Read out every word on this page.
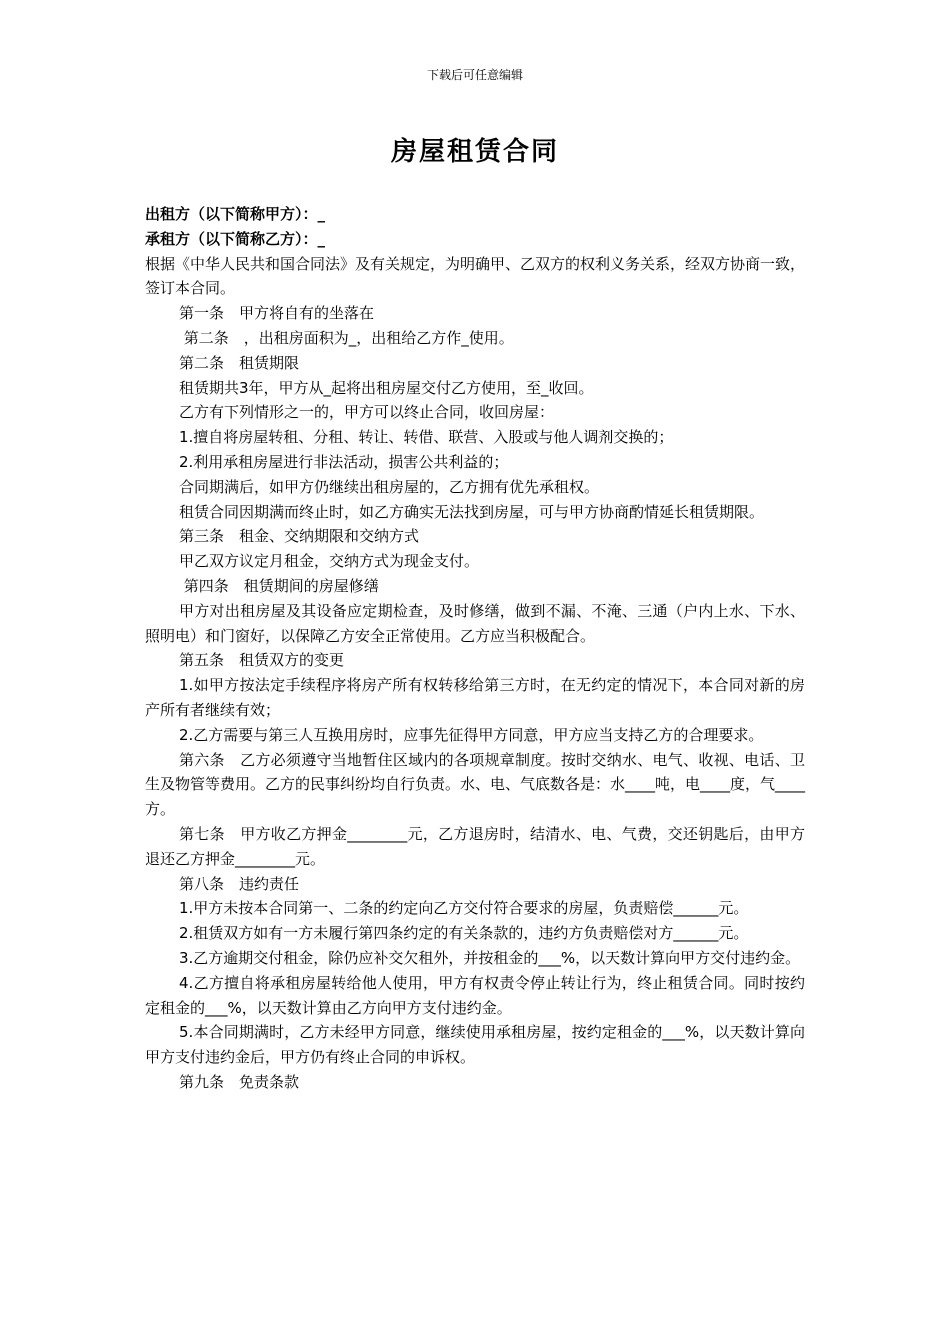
下载后可任意编辑
房屋租赁合同

出租方（以下简称甲方）：_

承租方（以下简称乙方）：_

根据《中华人民共和国合同法》及有关规定，为明确甲、乙双方的权利义务关系，经双方协商一致，签订本合同。

第一条　甲方将自有的坐落在

第二条　，出租房面积为_，出租给乙方作_使用。

第二条　租赁期限

租赁期共3年，甲方从_起将出租房屋交付乙方使用，至_收回。

乙方有下列情形之一的，甲方可以终止合同，收回房屋：

1.擅自将房屋转租、分租、转让、转借、联营、入股或与他人调剂交换的；

2.利用承租房屋进行非法活动，损害公共利益的；

合同期满后，如甲方仍继续出租房屋的，乙方拥有优先承租权。

租赁合同因期满而终止时，如乙方确实无法找到房屋，可与甲方协商酌情延长租赁期限。

第三条　租金、交纳期限和交纳方式

甲乙双方议定月租金，交纳方式为现金支付。

第四条　租赁期间的房屋修缮

甲方对出租房屋及其设备应定期检查，及时修缮，做到不漏、不淹、三通（户内上水、下水、照明电）和门窗好，以保障乙方安全正常使用。乙方应当积极配合。

第五条　租赁双方的变更

1.如甲方按法定手续程序将房产所有权转移给第三方时，在无约定的情况下，本合同对新的房产所有者继续有效；

2.乙方需要与第三人互换用房时，应事先征得甲方同意，甲方应当支持乙方的合理要求。

第六条　乙方必须遵守当地暂住区域内的各项规章制度。按时交纳水、电气、收视、电话、卫生及物管等费用。乙方的民事纠纷均自行负责。水、电、气底数各是：水____吨，电____度，气____方。

第七条　甲方收乙方押金________元，乙方退房时，结清水、电、气费，交还钥匙后，由甲方退还乙方押金________元。

第八条　违约责任

1.甲方未按本合同第一、二条的约定向乙方交付符合要求的房屋，负责赔偿______元。

2.租赁双方如有一方未履行第四条约定的有关条款的，违约方负责赔偿对方______元。

3.乙方逾期交付租金，除仍应补交欠租外，并按租金的___%，以天数计算向甲方交付违约金。

4.乙方擅自将承租房屋转给他人使用，甲方有权责令停止转让行为，终止租赁合同。同时按约定租金的___%，以天数计算由乙方向甲方支付违约金。

5.本合同期满时，乙方未经甲方同意，继续使用承租房屋，按约定租金的___%，以天数计算向甲方支付违约金后，甲方仍有终止合同的申诉权。

第九条　免责条款
